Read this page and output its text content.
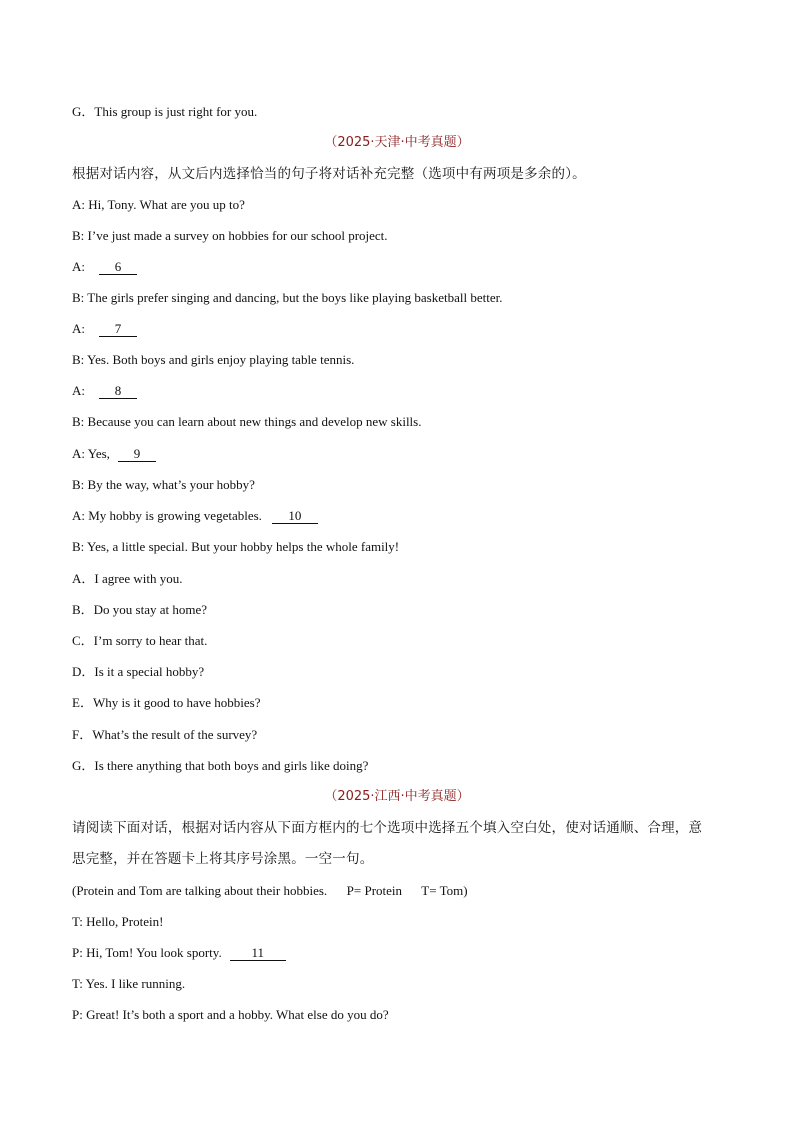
G．This group is just right for you.
（2025·天津·中考真题）
根据对话内容，从文后内选择恰当的句子将对话补充完整（选项中有两项是多余的）。
A: Hi, Tony. What are you up to?
B: I’ve just made a survey on hobbies for our school project.
A: 6
B: The girls prefer singing and dancing, but the boys like playing basketball better.
A: 7
B: Yes. Both boys and girls enjoy playing table tennis.
A: 8
B: Because you can learn about new things and develop new skills.
A: Yes, 9
B: By the way, what’s your hobby?
A: My hobby is growing vegetables. 10
B: Yes, a little special. But your hobby helps the whole family!
A．I agree with you.
B．Do you stay at home?
C．I’m sorry to hear that.
D．Is it a special hobby?
E．Why is it good to have hobbies?
F．What’s the result of the survey?
G．Is there anything that both boys and girls like doing?
（2025·江西·中考真题）
请阅读下面对话，根据对话内容从下面方框内的七个选项中选择五个填入空白处，使对话通顺、合理，意
思完整，并在答题卡上将其序号涂黑。一空一句。
(Protein and Tom are talking about their hobbies.      P= Protein      T= Tom)
T: Hello, Protein!
P: Hi, Tom! You look sporty. 11
T: Yes. I like running.
P: Great! It’s both a sport and a hobby. What else do you do?
